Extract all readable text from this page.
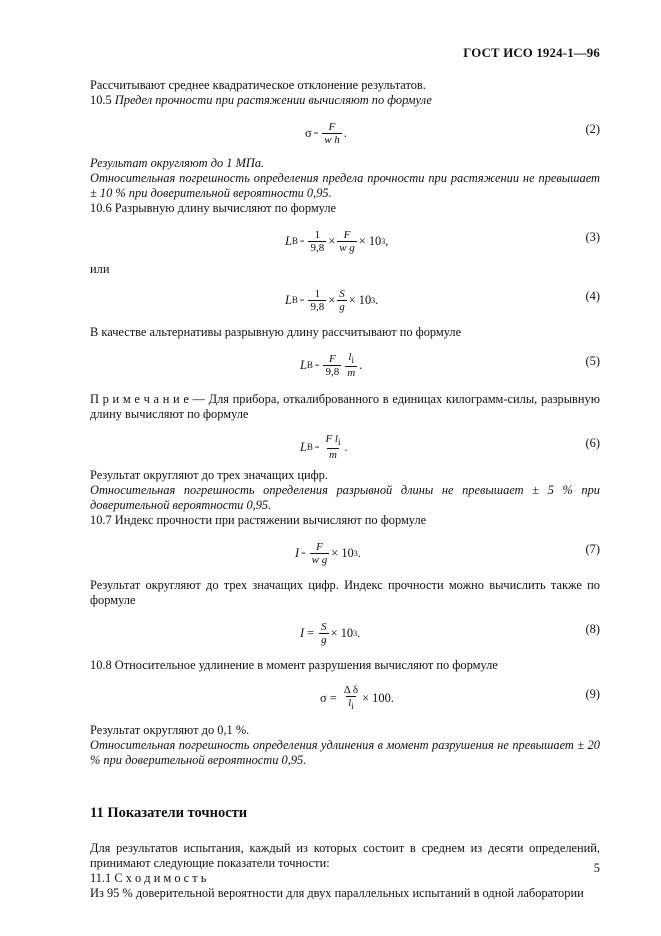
ГОСТ ИСО 1924-1—96

Рассчитывают среднее квадратическое отклонение результатов.

10.5 Предел прочности при растяжении вычисляют по формуле

$\sigma = \frac{F}{\text{w h}}$ .	(2)

Результат округляют до 1 МПа.

Относительная погрешность определения предела прочности при растяжении не превышает ± 10 % при доверительной вероятности 0,95.

10.6 Разрывную длину вычисляют по формуле

L $B = \frac{1}{9,8} \times \frac{F}{\text{w g}} \times 10$ 3 ,	(3)

или

L $B = \frac{1}{9,8} \times \frac{S}{g} \times 10$ 3 .	(4)

В качестве альтернативы разрывную длину рассчитывают по формуле

L $B = \frac{F}{9,8} \frac{l_i}{m}$ .	(5)

П р и м е ч а н и е — Для прибора, откалиброванного в единицах килограмм-силы, разрывную длину вычисляют по формуле

L $B = \frac{F l_i}{m}$ .	(6)

Результат округляют до трех значащих цифр.

Относительная погрешность определения разрывной длины не превышает ± 5 % при доверительной вероятности 0,95.

10.7 Индекс прочности при растяжении вычисляют по формуле

$I = \frac{F}{\text{w g}} \times 10$ 3 .	(7)

Результат округляют до трех значащих цифр. Индекс прочности можно вычислить также по формуле

$I = \frac{S}{g} \times 10$ 3 .	(8)

10.8 Относительное удлинение в момент разрушения вычисляют по формуле

$\sigma = \frac{\text{Δ δ}}{l_i} \times 100$ .	(9)

Результат округляют до 0,1 %.

Относительная погрешность определения удлинения в момент разрушения не превышает ± 20 % при доверительной вероятности 0,95.

11 Показатели точности

Для результатов испытания, каждый из которых состоит в среднем из десяти определений, принимают следующие показатели точности:

11.1 С х о д и м о с т ь

Из 95 % доверительной вероятности для двух параллельных испытаний в одной лаборатории

5
